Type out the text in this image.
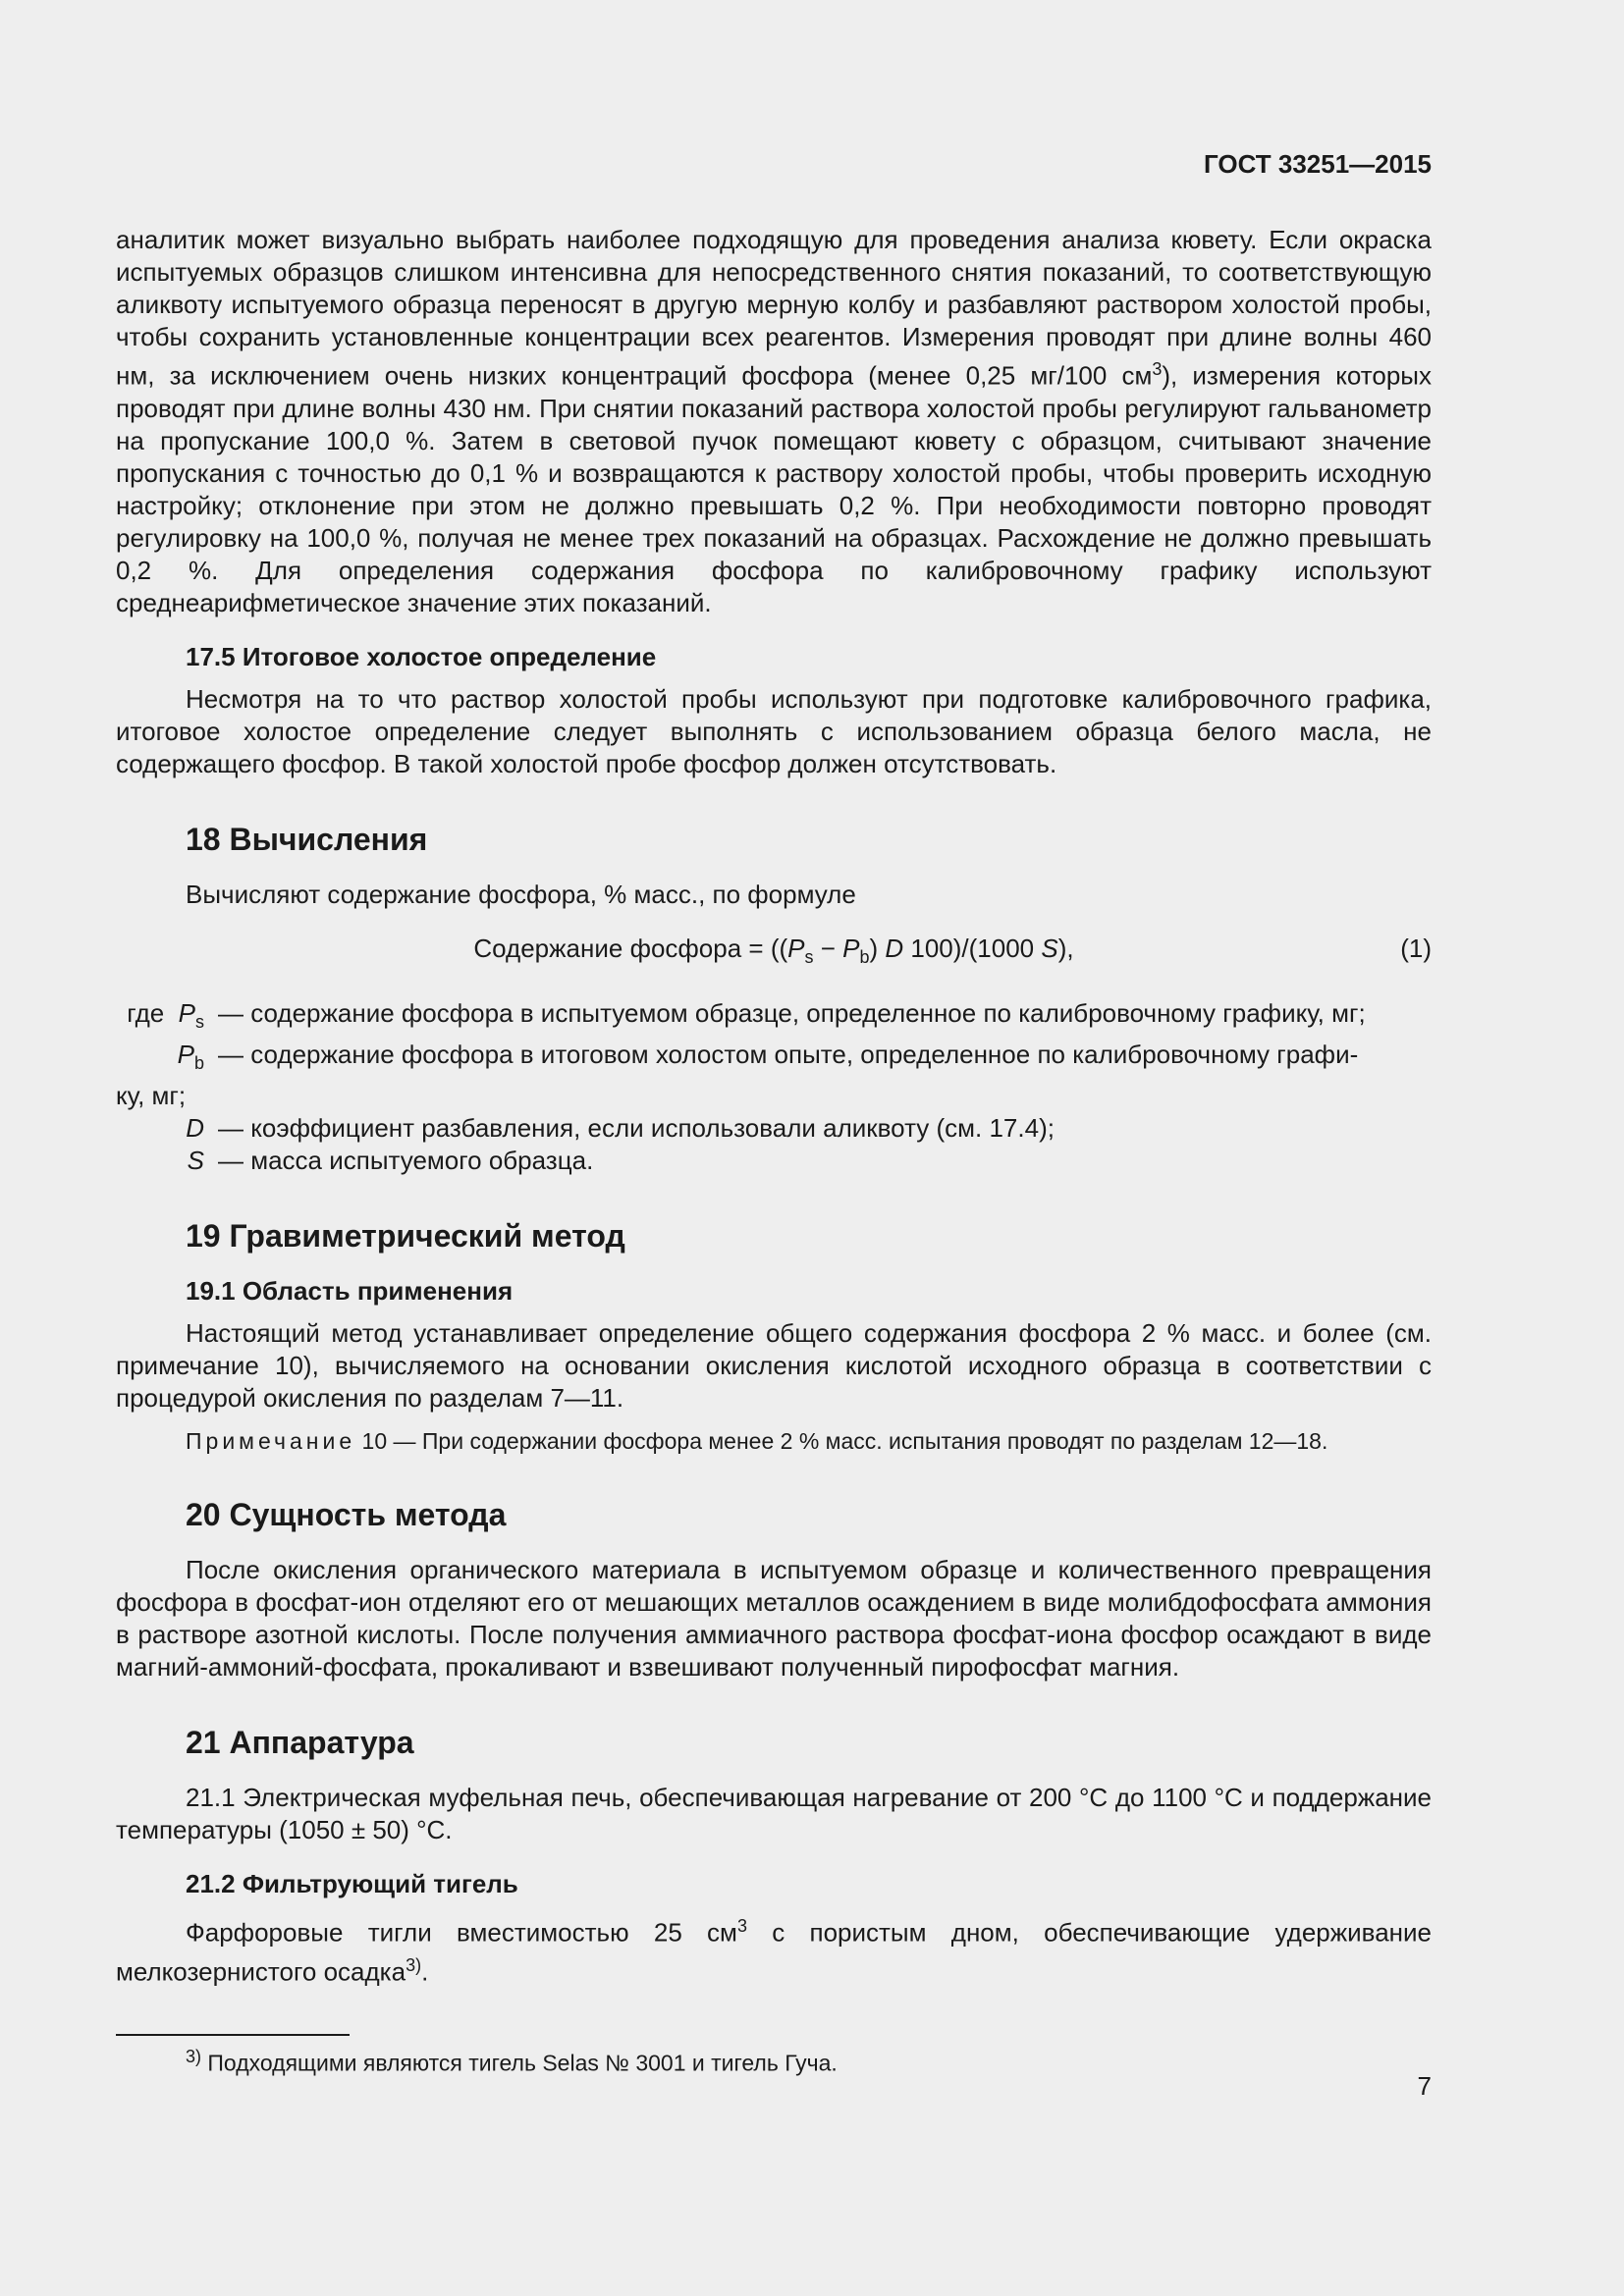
ГОСТ 33251—2015

аналитик может визуально выбрать наиболее подходящую для проведения анализа кювету. Если окраска испытуемых образцов слишком интенсивна для непосредственного снятия показаний, то соответствующую аликвоту испытуемого образца переносят в другую мерную колбу и разбавляют раствором холостой пробы, чтобы сохранить установленные концентрации всех реагентов. Измерения проводят при длине волны 460 нм, за исключением очень низких концентраций фосфора (менее 0,25 мг/100 $см^3$), измерения которых проводят при длине волны 430 нм. При снятии показаний раствора холостой пробы регулируют гальванометр на пропускание 100,0 %. Затем в световой пучок помещают кювету с образцом, считывают значение пропускания с точностью до 0,1 % и возвращаются к раствору холостой пробы, чтобы проверить исходную настройку; отклонение при этом не должно превышать 0,2 %. При необходимости повторно проводят регулировку на 100,0 %, получая не менее трех показаний на образцах. Расхождение не должно превышать 0,2 %. Для определения содержания фосфора по калибровочному графику используют среднеарифметическое значение этих показаний.

17.5 Итоговое холостое определение

Несмотря на то что раствор холостой пробы используют при подготовке калибровочного графика, итоговое холостое определение следует выполнять с использованием образца белого масла, не содержащего фосфор. В такой холостой пробе фосфор должен отсутствовать.

18 Вычисления

Вычисляют содержание фосфора, % масс., по формуле

Содержание фосфора = ($(P_s - P_b)$ D 100)/(1000 S),	(1)
где $P_s$ — содержание фосфора в испытуемом образце, определенное по калибровочному графику, мг;
$P_b$ — содержание фосфора в итоговом холостом опыте, определенное по калибровочному графи-
ку, мг;
D — коэффициент разбавления, если использовали аликвоту (см. 17.4);
S — масса испытуемого образца.
19 Гравиметрический метод
19.1 Область применения

Настоящий метод устанавливает определение общего содержания фосфора 2 % масс. и более (см. примечание 10), вычисляемого на основании окисления кислотой исходного образца в соответствии с процедурой окисления по разделам 7—11.

Примечание 10 — При содержании фосфора менее 2 % масс. испытания проводят по разделам 12—18.

20 Сущность метода

После окисления органического материала в испытуемом образце и количественного превращения фосфора в фосфат-ион отделяют его от мешающих металлов осаждением в виде молибдофосфата аммония в растворе азотной кислоты. После получения аммиачного раствора фосфат-иона фосфор осаждают в виде магний-аммоний-фосфата, прокаливают и взвешивают полученный пирофосфат магния.

21 Аппаратура

21.1 Электрическая муфельная печь, обеспечивающая нагревание от 200 °С до 1100 °С и поддержание температуры (1050 ± 50) °С.

21.2 Фильтрующий тигель

Фарфоровые тигли вместимостью 25 $см^3$ с пористым дном, обеспечивающие удерживание мелкозернистого осадка$^{3)}$.

$^{3)}$ Подходящими являются тигель Selas № 3001 и тигель Гуча.
7
